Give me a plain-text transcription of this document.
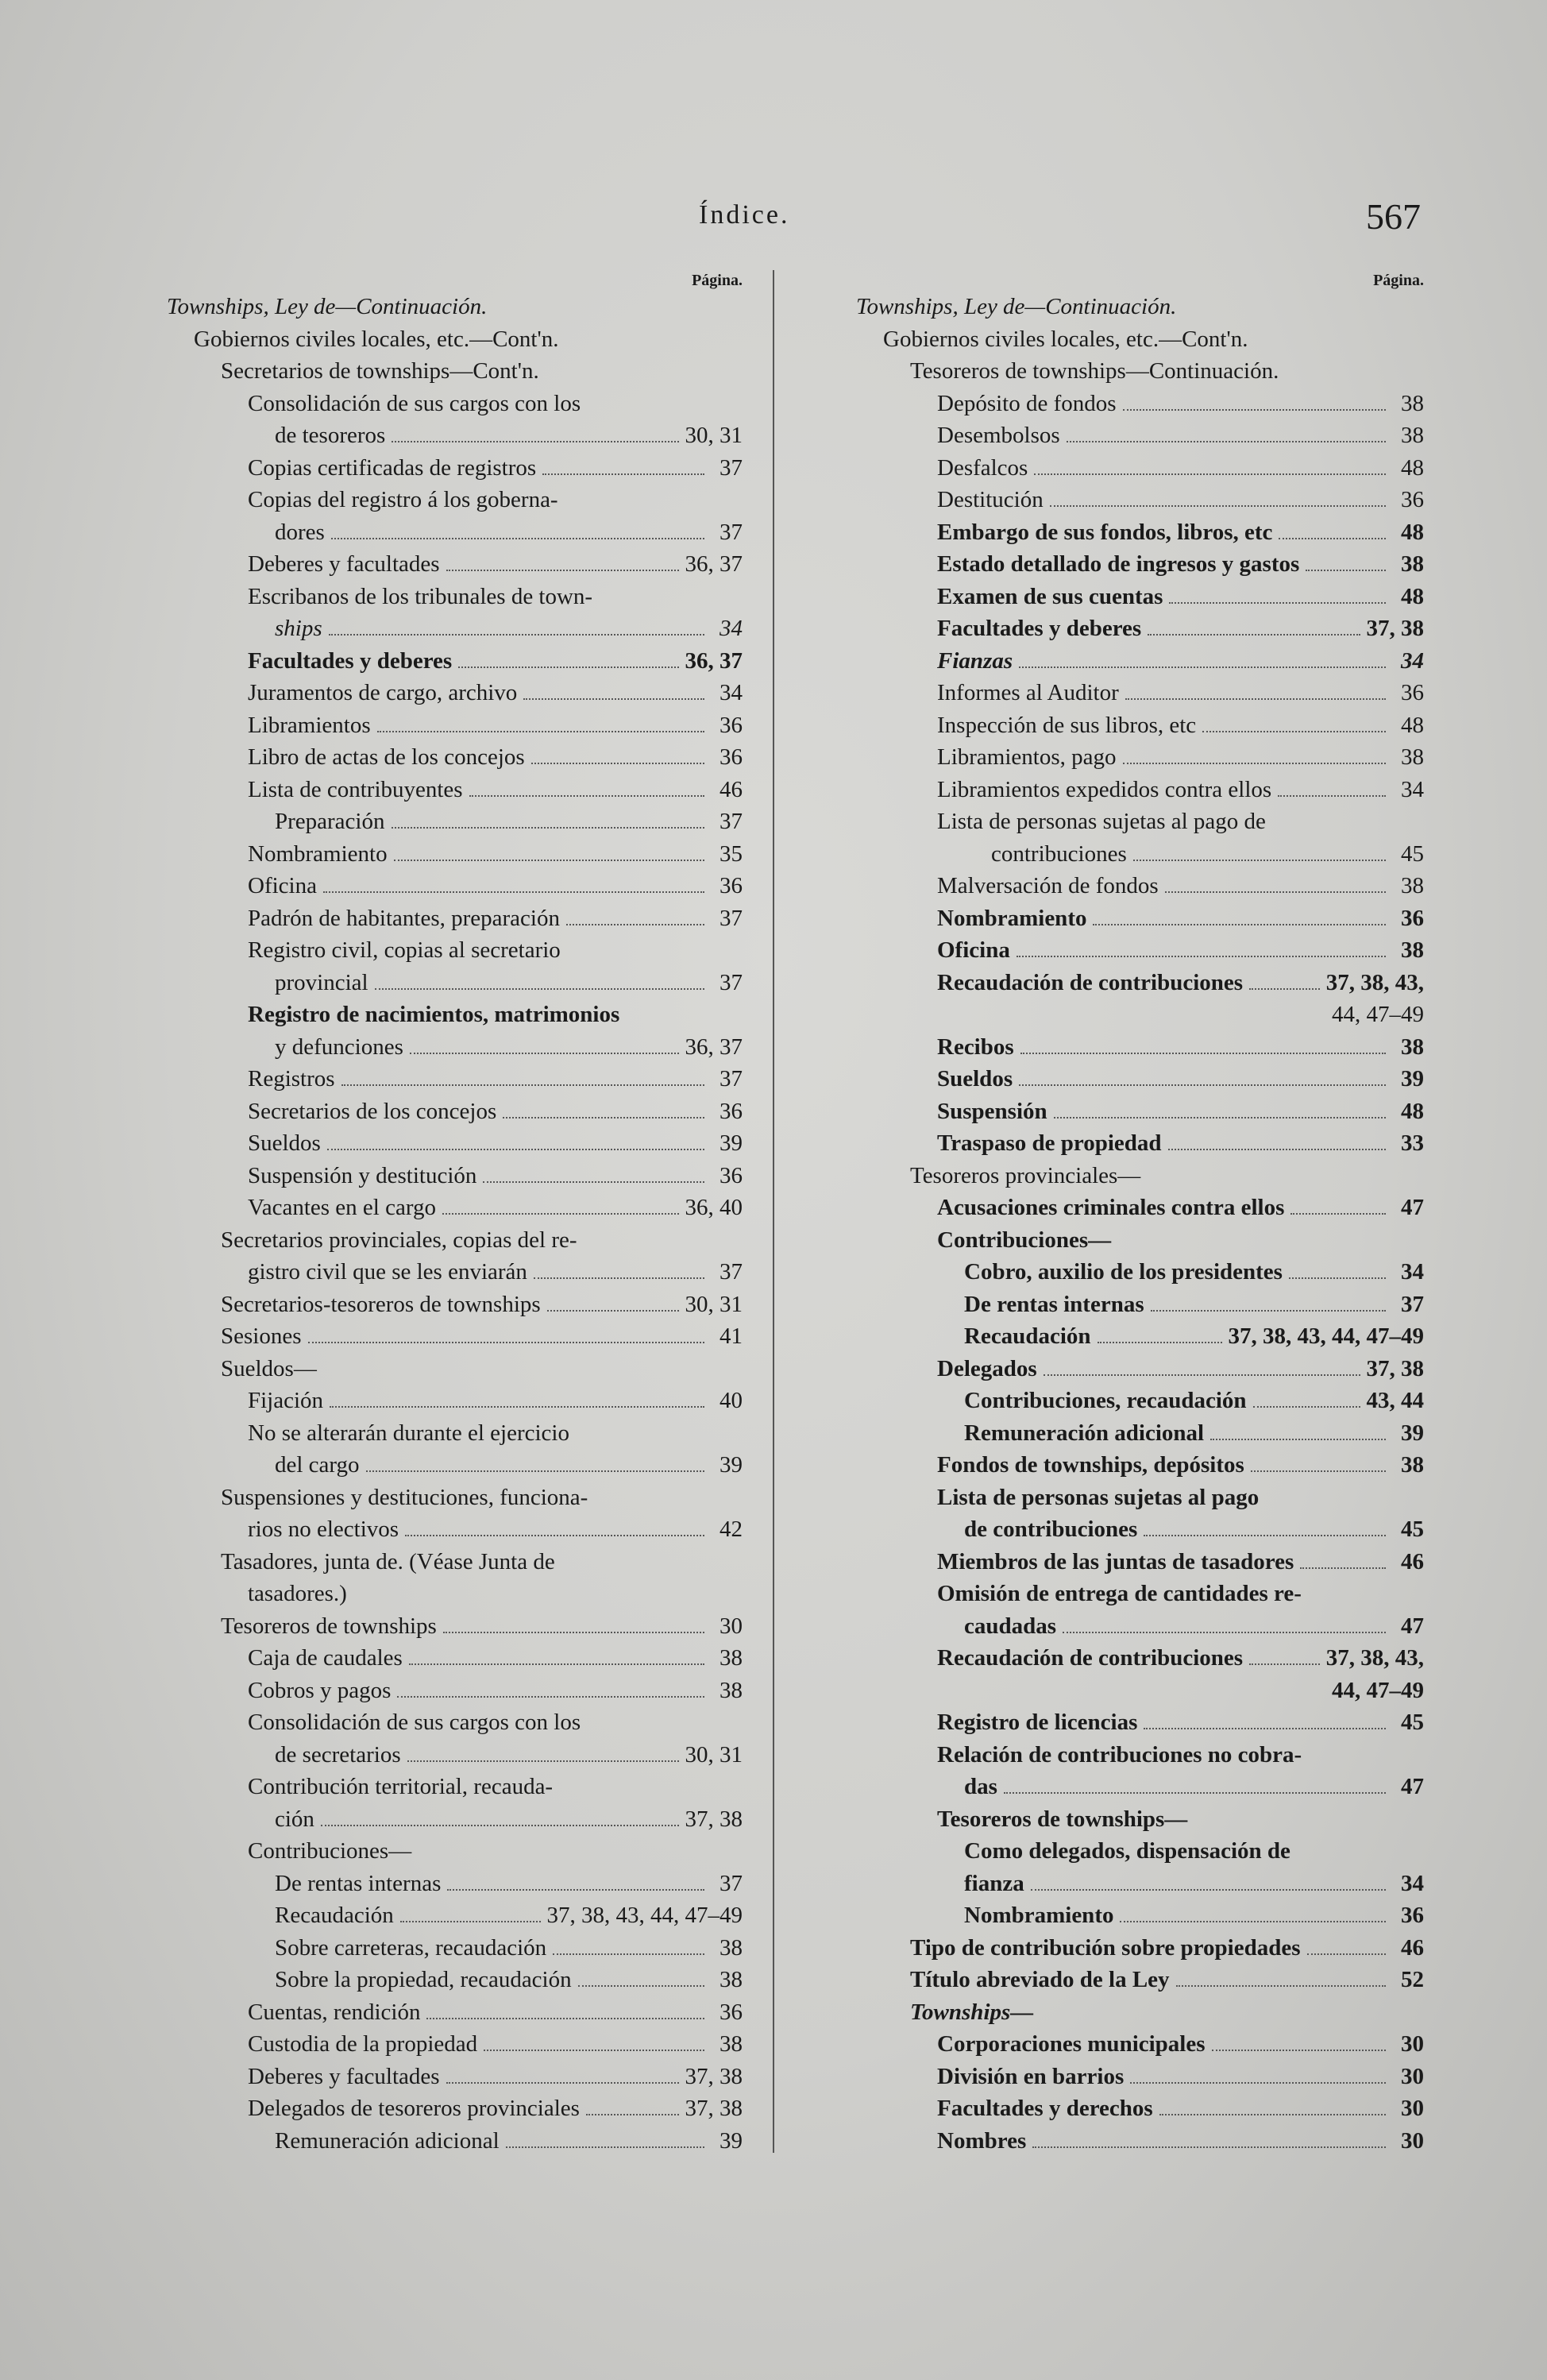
Índice.	567
Página.
Townships, Ley de—Continuación.
Gobiernos civiles locales, etc.—Cont'n.
Secretarios de townships—Cont'n.
Consolidación de sus cargos con los
de tesoreros	30, 31
Copias certificadas de registros	37
Copias del registro á los goberna-
dores	37
Deberes y facultades	36, 37
Escribanos de los tribunales de town-
ships	34
Facultades y deberes	36, 37
Juramentos de cargo, archivo	34
Libramientos	36
Libro de actas de los concejos	36
Lista de contribuyentes	46
Preparación	37
Nombramiento	35
Oficina	36
Padrón de habitantes, preparación	37
Registro civil, copias al secretario
provincial	37
Registro de nacimientos, matrimonios
y defunciones	36, 37
Registros	37
Secretarios de los concejos	36
Sueldos	39
Suspensión y destitución	36
Vacantes en el cargo	36, 40
Secretarios provinciales, copias del re-
gistro civil que se les enviarán	37
Secretarios-tesoreros de townships	30, 31
Sesiones	41
Sueldos—
Fijación	40
No se alterarán durante el ejercicio
del cargo	39
Suspensiones y destituciones, funciona-
rios no electivos	42
Tasadores, junta de. (Véase Junta de
tasadores.)
Tesoreros de townships	30
Caja de caudales	38
Cobros y pagos	38
Consolidación de sus cargos con los
de secretarios	30, 31
Contribución territorial, recauda-
ción	37, 38
Contribuciones—
De rentas internas	37
Recaudación	37, 38, 43, 44, 47–49
Sobre carreteras, recaudación	38
Sobre la propiedad, recaudación	38
Cuentas, rendición	36
Custodia de la propiedad	38
Deberes y facultades	37, 38
Delegados de tesoreros provinciales	37, 38
Remuneración adicional	39
Página.
Townships, Ley de—Continuación.
Gobiernos civiles locales, etc.—Cont'n.
Tesoreros de townships—Continuación.
Depósito de fondos	38
Desembolsos	38
Desfalcos	48
Destitución	36
Embargo de sus fondos, libros, etc	48
Estado detallado de ingresos y gastos	38
Examen de sus cuentas	48
Facultades y deberes	37, 38
Fianzas	34
Informes al Auditor	36
Inspección de sus libros, etc	48
Libramientos, pago	38
Libramientos expedidos contra ellos	34
Lista de personas sujetas al pago de
contribuciones	45
Malversación de fondos	38
Nombramiento	36
Oficina	38
Recaudación de contribuciones	37, 38, 43,
44, 47–49
Recibos	38
Sueldos	39
Suspensión	48
Traspaso de propiedad	33
Tesoreros provinciales—
Acusaciones criminales contra ellos	47
Contribuciones—
Cobro, auxilio de los presidentes	34
De rentas internas	37
Recaudación	37, 38, 43, 44, 47–49
Delegados	37, 38
Contribuciones, recaudación	43, 44
Remuneración adicional	39
Fondos de townships, depósitos	38
Lista de personas sujetas al pago
de contribuciones	45
Miembros de las juntas de tasadores	46
Omisión de entrega de cantidades re-
caudadas	47
Recaudación de contribuciones	37, 38, 43,
44, 47–49
Registro de licencias	45
Relación de contribuciones no cobra-
das	47
Tesoreros de townships—
Como delegados, dispensación de
fianza	34
Nombramiento	36
Tipo de contribución sobre propiedades	46
Título abreviado de la Ley	52
Townships—
Corporaciones municipales	30
División en barrios	30
Facultades y derechos	30
Nombres	30
